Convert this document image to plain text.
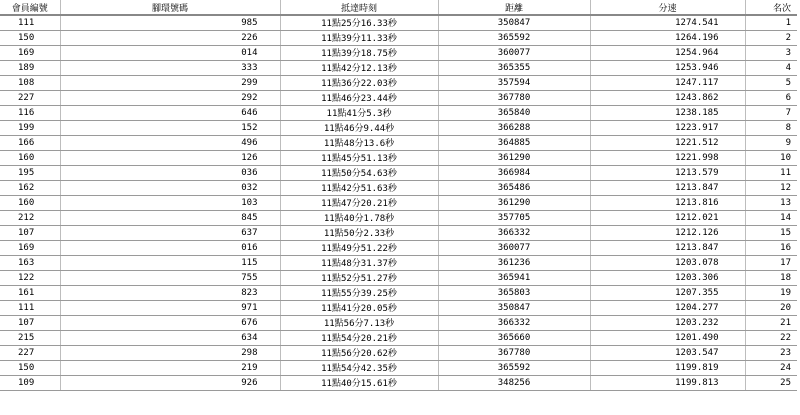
會員編號	腳環號碼	抵達時刻	距離	分速	名次
111	985	11點25分16.33秒	350847	1274.541	1
150	226	11點39分11.33秒	365592	1264.196	2
169	014	11點39分18.75秒	360077	1254.964	3
189	333	11點42分12.13秒	365355	1253.946	4
108	299	11點36分22.03秒	357594	1247.117	5
227	292	11點46分23.44秒	367780	1243.862	6
116	646	11點41分5.3秒	365840	1238.185	7
199	152	11點46分9.44秒	366288	1223.917	8
166	496	11點48分13.6秒	364885	1221.512	9
160	126	11點45分51.13秒	361290	1221.998	10
195	036	11點50分54.63秒	366984	1213.579	11
162	032	11點42分51.63秒	365486	1213.847	12
160	103	11點47分20.21秒	361290	1213.816	13
212	845	11點40分1.78秒	357705	1212.021	14
107	637	11點50分2.33秒	366332	1212.126	15
169	016	11點49分51.22秒	360077	1213.847	16
163	115	11點48分31.37秒	361236	1203.078	17
122	755	11點52分51.27秒	365941	1203.306	18
161	823	11點55分39.25秒	365803	1207.355	19
111	971	11點41分20.05秒	350847	1204.277	20
107	676	11點56分7.13秒	366332	1203.232	21
215	634	11點54分20.21秒	365660	1201.490	22
227	298	11點56分20.62秒	367780	1203.547	23
150	219	11點54分42.35秒	365592	1199.819	24
109	926	11點40分15.61秒	348256	1199.813	25
